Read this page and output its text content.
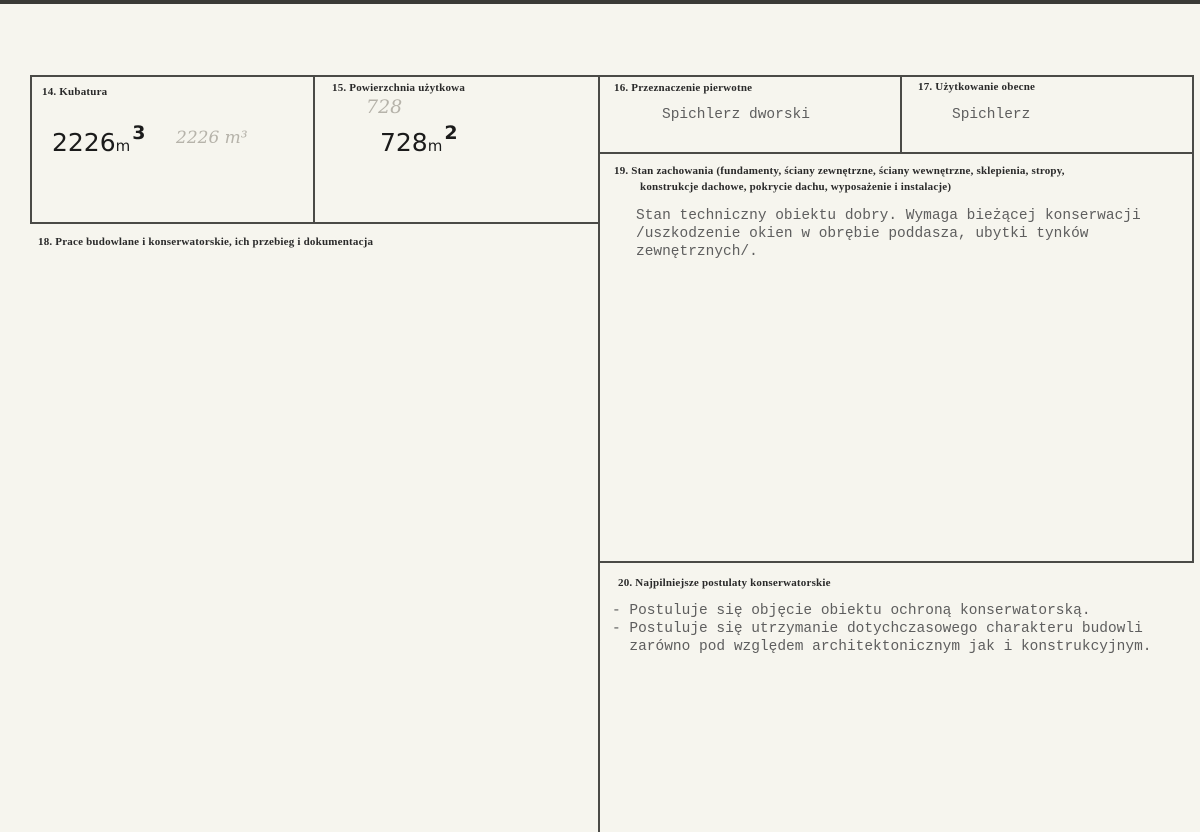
14. Kubatura
2226m3 2226 m³
15. Powierzchnia użytkowa
728
728m2
16. Przeznaczenie pierwotne
Spichlerz dworski
17. Użytkowanie obecne
Spichlerz
18. Prace budowlane i konserwatorskie, ich przebieg i dokumentacja
19. Stan zachowania (fundamenty, ściany zewnętrzne, ściany wewnętrzne, sklepienia, stropy,
konstrukcje dachowe, pokrycie dachu, wyposażenie i instalacje)
Stan techniczny obiektu dobry. Wymaga bieżącej konserwacji
/uszkodzenie okien w obrębie poddasza, ubytki tynków
zewnętrznych/.
20. Najpilniejsze postulaty konserwatorskie
- Postuluje się objęcie obiektu ochroną konserwatorską.
- Postuluje się utrzymanie dotychczasowego charakteru budowli
zarówno pod względem architektonicznym jak i konstrukcyjnym.
